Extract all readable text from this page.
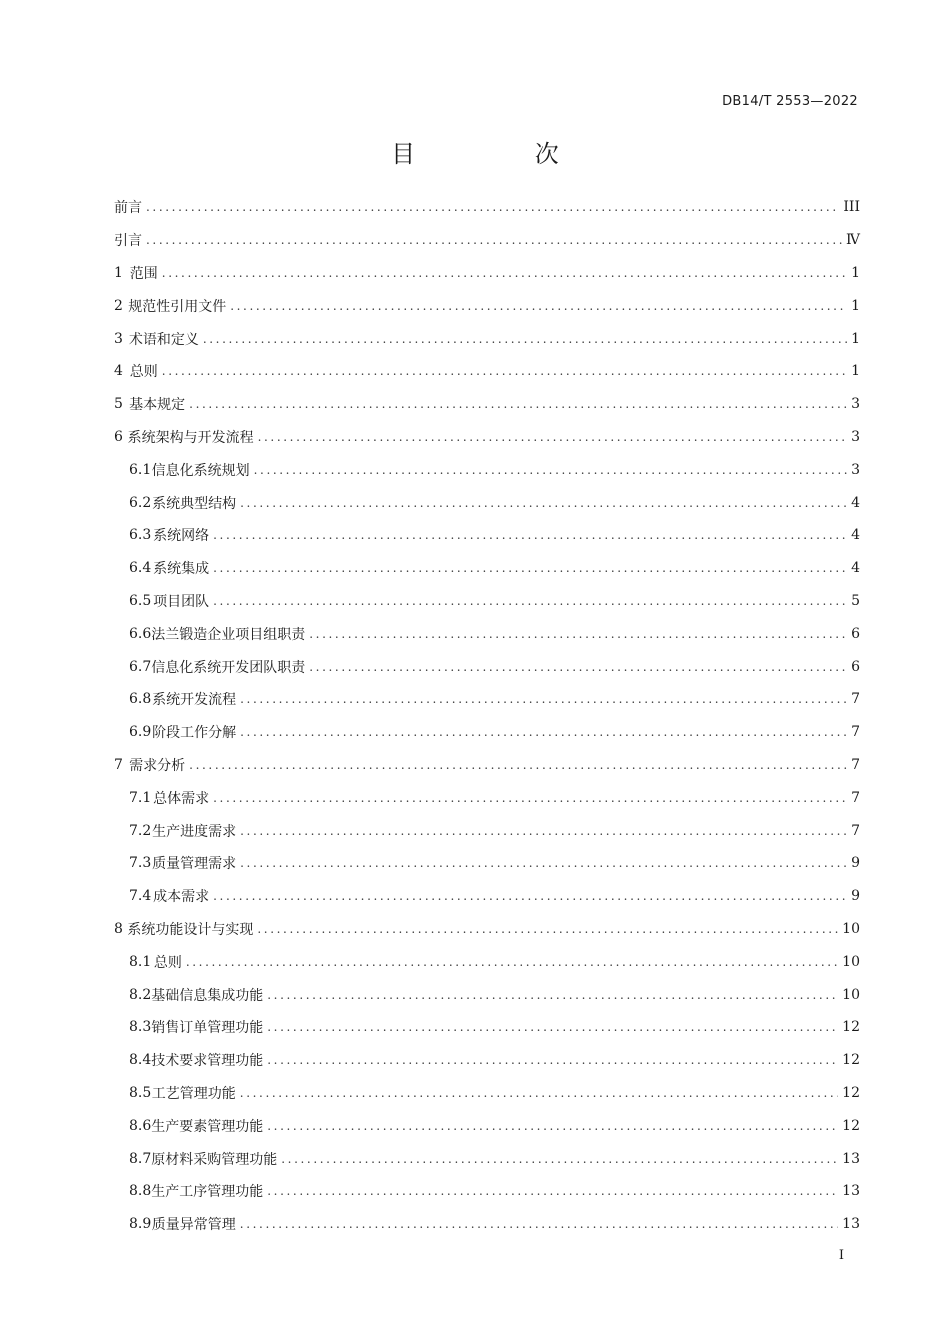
DB14/T 2553—2022
目 次
前言 .....	III
引言 .....	Ⅳ
1 范围 .....	1
2 规范性引用文件 .....	1
3 术语和定义 .....	1
4 总则 .....	1
5 基本规定 .....	3
6 系统架构与开发流程 .....	3
6.1 信息化系统规划 .....	3
6.2 系统典型结构 .....	4
6.3 系统网络 .....	4
6.4 系统集成 .....	4
6.5 项目团队 .....	5
6.6 法兰锻造企业项目组职责 .....	6
6.7 信息化系统开发团队职责 .....	6
6.8 系统开发流程 .....	7
6.9 阶段工作分解 .....	7
7 需求分析 .....	7
7.1 总体需求 .....	7
7.2 生产进度需求 .....	7
7.3 质量管理需求 .....	9
7.4 成本需求 .....	9
8 系统功能设计与实现 .....	10
8.1 总则 .....	10
8.2 基础信息集成功能 .....	10
8.3 销售订单管理功能 .....	12
8.4 技术要求管理功能 .....	12
8.5 工艺管理功能 .....	12
8.6 生产要素管理功能 .....	12
8.7 原材料采购管理功能 .....	13
8.8 生产工序管理功能 .....	13
8.9 质量异常管理 .....	13
I
